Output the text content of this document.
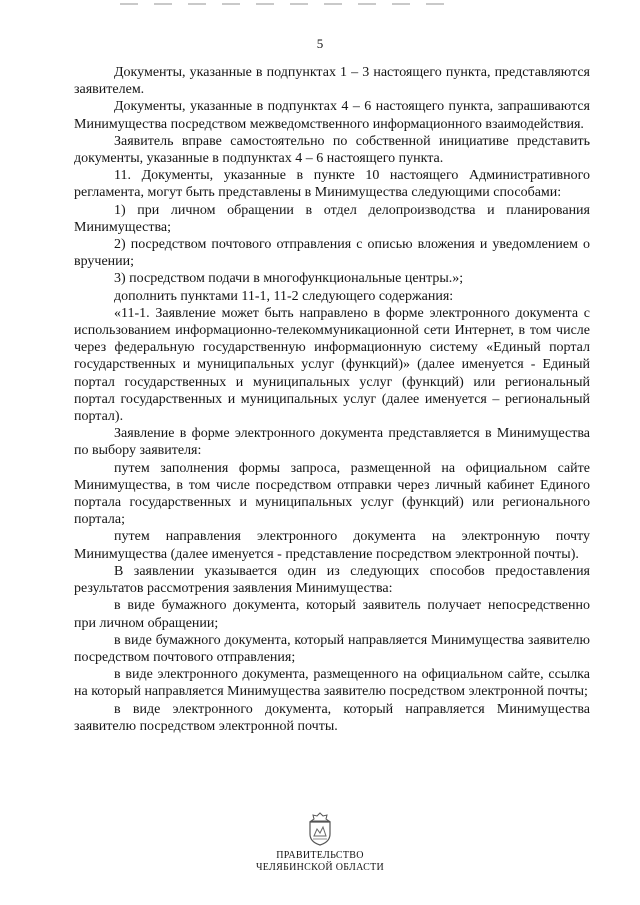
5

Документы, указанные в подпунктах 1 – 3 настоящего пункта, представляются заявителем.

Документы, указанные в подпунктах 4 – 6 настоящего пункта, запрашиваются Минимущества посредством межведомственного информационного взаимодействия.

Заявитель вправе самостоятельно по собственной инициативе представить документы, указанные в подпунктах 4 – 6 настоящего пункта.

11. Документы, указанные в пункте 10 настоящего Административного регламента, могут быть представлены в Минимущества следующими способами:

1) при личном обращении в отдел делопроизводства и планирования Минимущества;

2) посредством почтового отправления с описью вложения и уведомлением о вручении;

3) посредством подачи в многофункциональные центры.»;

дополнить пунктами 11-1, 11-2 следующего содержания:

«11-1. Заявление может быть направлено в форме электронного документа с использованием информационно-телекоммуникационной сети Интернет, в том числе через федеральную государственную информационную систему «Единый портал государственных и муниципальных услуг (функций)» (далее именуется - Единый портал государственных и муниципальных услуг (функций) или региональный портал государственных и муниципальных услуг (далее именуется – региональный портал).

Заявление в форме электронного документа представляется в Минимущества по выбору заявителя:

путем заполнения формы запроса, размещенной на официальном сайте Минимущества, в том числе посредством отправки через личный кабинет Единого портала государственных и муниципальных услуг (функций) или регионального портала;

путем направления электронного документа на электронную почту Минимущества (далее именуется - представление посредством электронной почты).

В заявлении указывается один из следующих способов предоставления результатов рассмотрения заявления Минимущества:

в виде бумажного документа, который заявитель получает непосредственно при личном обращении;

в виде бумажного документа, который направляется Минимущества заявителю посредством почтового отправления;

в виде электронного документа, размещенного на официальном сайте, ссылка на который направляется Минимущества заявителю посредством электронной почты;

в виде электронного документа, который направляется Минимущества заявителю посредством электронной почты.

ПРАВИТЕЛЬСТВО
ЧЕЛЯБИНСКОЙ ОБЛАСТИ
